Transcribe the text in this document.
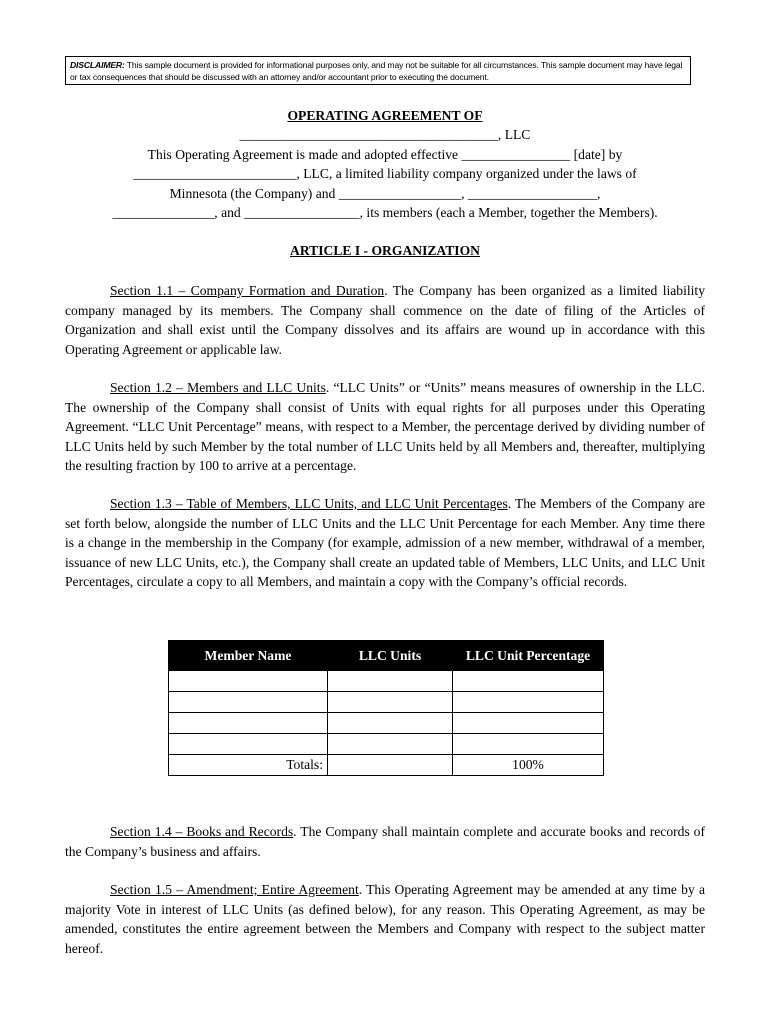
DISCLAIMER: This sample document is provided for informational purposes only, and may not be suitable for all circumstances. This sample document may have legal or tax consequences that should be discussed with an attorney and/or accountant prior to executing the document.
OPERATING AGREEMENT OF
______________________________________, LLC
This Operating Agreement is made and adopted effective ________________ [date] by
________________________, LLC, a limited liability company organized under the laws of
Minnesota (the Company) and __________________, ___________________,
_______________, and _________________, its members (each a Member, together the Members).
ARTICLE I - ORGANIZATION
Section 1.1 – Company Formation and Duration. The Company has been organized as a limited liability company managed by its members. The Company shall commence on the date of filing of the Articles of Organization and shall exist until the Company dissolves and its affairs are wound up in accordance with this Operating Agreement or applicable law.
Section 1.2 – Members and LLC Units. “LLC Units” or “Units” means measures of ownership in the LLC. The ownership of the Company shall consist of Units with equal rights for all purposes under this Operating Agreement. “LLC Unit Percentage” means, with respect to a Member, the percentage derived by dividing number of LLC Units held by such Member by the total number of LLC Units held by all Members and, thereafter, multiplying the resulting fraction by 100 to arrive at a percentage.
Section 1.3 – Table of Members, LLC Units, and LLC Unit Percentages. The Members of the Company are set forth below, alongside the number of LLC Units and the LLC Unit Percentage for each Member. Any time there is a change in the membership in the Company (for example, admission of a new member, withdrawal of a member, issuance of new LLC Units, etc.), the Company shall create an updated table of Members, LLC Units, and LLC Unit Percentages, circulate a copy to all Members, and maintain a copy with the Company’s official records.
Member Name	LLC Units	LLC Unit Percentage

Totals:		100%
Section 1.4 – Books and Records. The Company shall maintain complete and accurate books and records of the Company’s business and affairs.
Section 1.5 – Amendment; Entire Agreement. This Operating Agreement may be amended at any time by a majority Vote in interest of LLC Units (as defined below), for any reason. This Operating Agreement, as may be amended, constitutes the entire agreement between the Members and Company with respect to the subject matter hereof.
